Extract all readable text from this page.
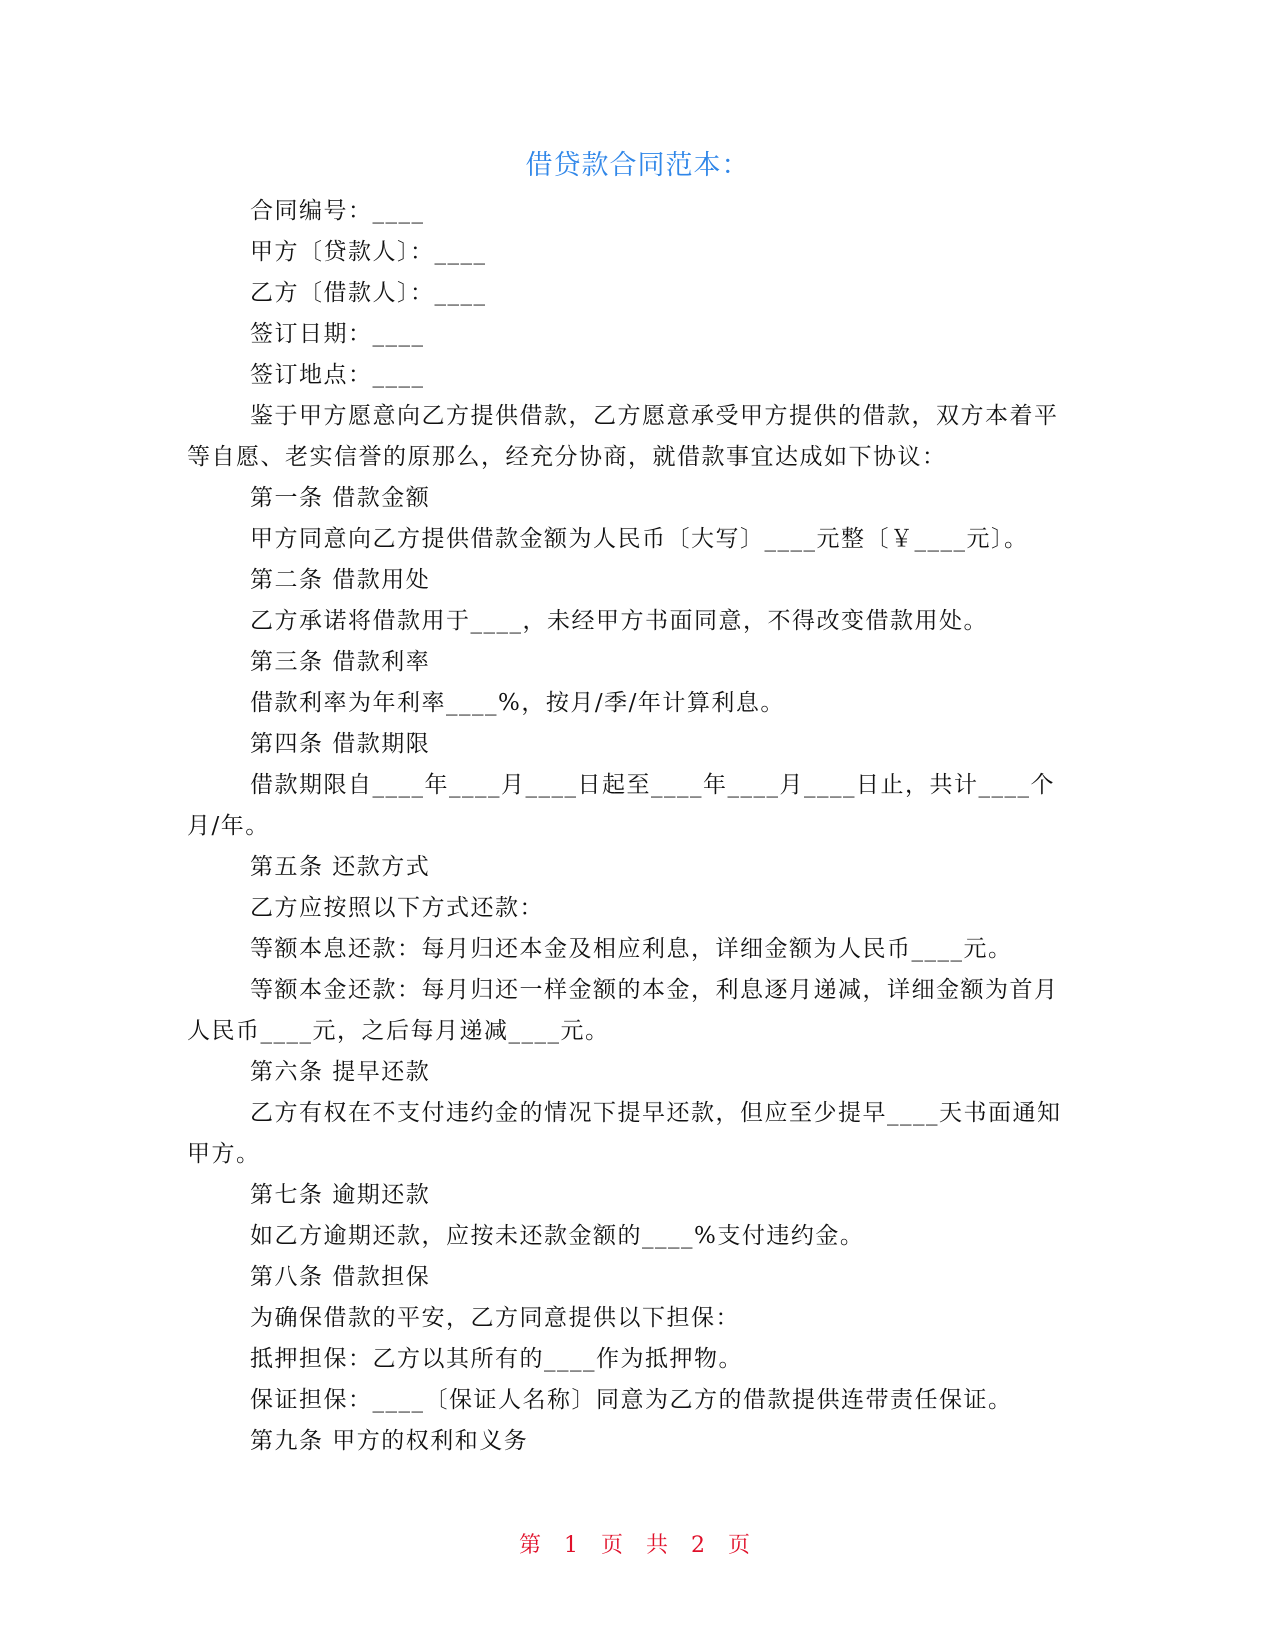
借贷款合同范本：

合同编号：____

甲方〔贷款人〕：____

乙方〔借款人〕：____

签订日期：____

签订地点：____

鉴于甲方愿意向乙方提供借款，乙方愿意承受甲方提供的借款，双方本着平等自愿、老实信誉的原那么，经充分协商，就借款事宜达成如下协议：

第一条 借款金额

甲方同意向乙方提供借款金额为人民币〔大写〕____元整〔￥____元〕。

第二条 借款用处

乙方承诺将借款用于____，未经甲方书面同意，不得改变借款用处。

第三条 借款利率

借款利率为年利率____%，按月/季/年计算利息。

第四条 借款期限

借款期限自____年____月____日起至____年____月____日止，共计____个月/年。

第五条 还款方式

乙方应按照以下方式还款：

等额本息还款：每月归还本金及相应利息，详细金额为人民币____元。

等额本金还款：每月归还一样金额的本金，利息逐月递减，详细金额为首月人民币____元，之后每月递减____元。

第六条 提早还款

乙方有权在不支付违约金的情况下提早还款，但应至少提早____天书面通知甲方。

第七条 逾期还款

如乙方逾期还款，应按未还款金额的____%支付违约金。

第八条 借款担保

为确保借款的平安，乙方同意提供以下担保：

抵押担保：乙方以其所有的____作为抵押物。

保证担保：____〔保证人名称〕同意为乙方的借款提供连带责任保证。

第九条 甲方的权利和义务

第 1 页 共 2 页
